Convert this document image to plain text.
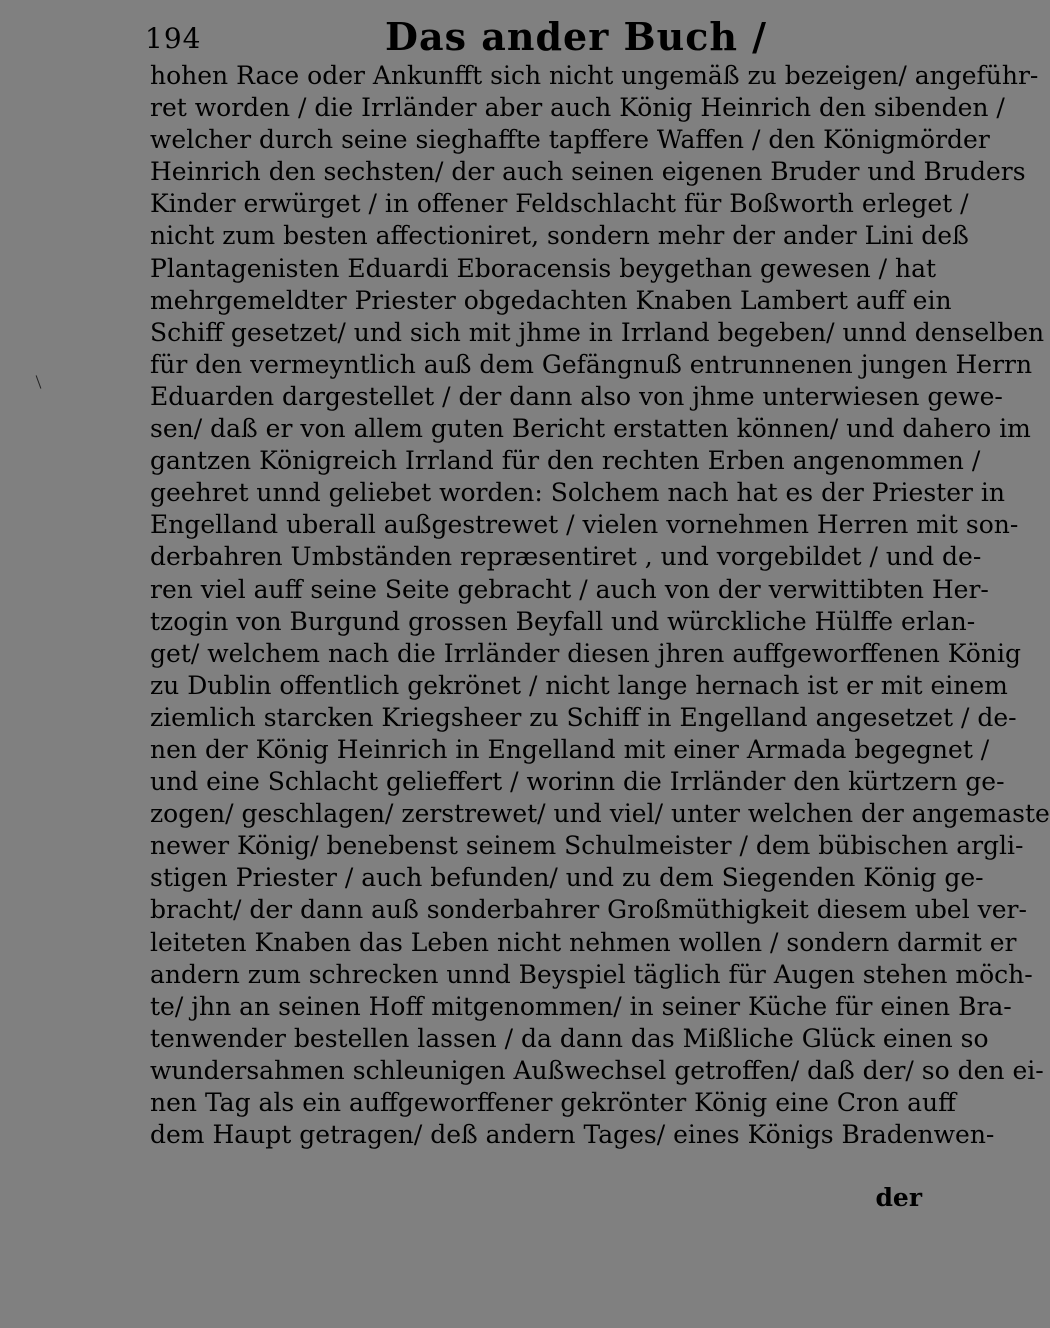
194	Das ander Buch /
hohen Race oder Ankunfft sich nicht ungemäß zu bezeigen/ angeführ-
ret worden / die Irrländer aber auch König Heinrich den sibenden /
welcher durch seine sieghaffte tapffere Waffen / den Königmörder
Heinrich den sechsten/ der auch seinen eigenen Bruder und Bruders
Kinder erwürget / in offener Feldschlacht für Boßworth erleget /
nicht zum besten affectioniret, sondern mehr der ander Lini deß
Plantagenisten Eduardi Eboracensis beygethan gewesen / hat
mehrgemeldter Priester obgedachten Knaben Lambert auff ein
Schiff gesetzet/ und sich mit jhme in Irrland begeben/ unnd denselben
für den vermeyntlich auß dem Gefängnuß entrunnenen jungen Herrn
Eduarden dargestellet / der dann also von jhme unterwiesen gewe-
sen/ daß er von allem guten Bericht erstatten können/ und dahero im
gantzen Königreich Irrland für den rechten Erben angenommen /
geehret unnd geliebet worden: Solchem nach hat es der Priester in
Engelland uberall außgestrewet / vielen vornehmen Herren mit son-
derbahren Umbständen repræsentiret , und vorgebildet / und de-
ren viel auff seine Seite gebracht / auch von der verwittibten Her-
tzogin von Burgund grossen Beyfall und würckliche Hülffe erlan-
get/ welchem nach die Irrländer diesen jhren auffgeworffenen König
zu Dublin offentlich gekrönet / nicht lange hernach ist er mit einem
ziemlich starcken Kriegsheer zu Schiff in Engelland angesetzet / de-
nen der König Heinrich in Engelland mit einer Armada begegnet /
und eine Schlacht gelieffert / worinn die Irrländer den kürtzern ge-
zogen/ geschlagen/ zerstrewet/ und viel/ unter welchen der angemaste
newer König/ benebenst seinem Schulmeister / dem bübischen argli-
stigen Priester / auch befunden/ und zu dem Siegenden König ge-
bracht/ der dann auß sonderbahrer Großmüthigkeit diesem ubel ver-
leiteten Knaben das Leben nicht nehmen wollen / sondern darmit er
andern zum schrecken unnd Beyspiel täglich für Augen stehen möch-
te/ jhn an seinen Hoff mitgenommen/ in seiner Küche für einen Bra-
tenwender bestellen lassen / da dann das Mißliche Glück einen so
wundersahmen schleunigen Außwechsel getroffen/ daß der/ so den ei-
nen Tag als ein auffgeworffener gekrönter König eine Cron auff
dem Haupt getragen/ deß andern Tages/ eines Königs Bradenwen-
der
